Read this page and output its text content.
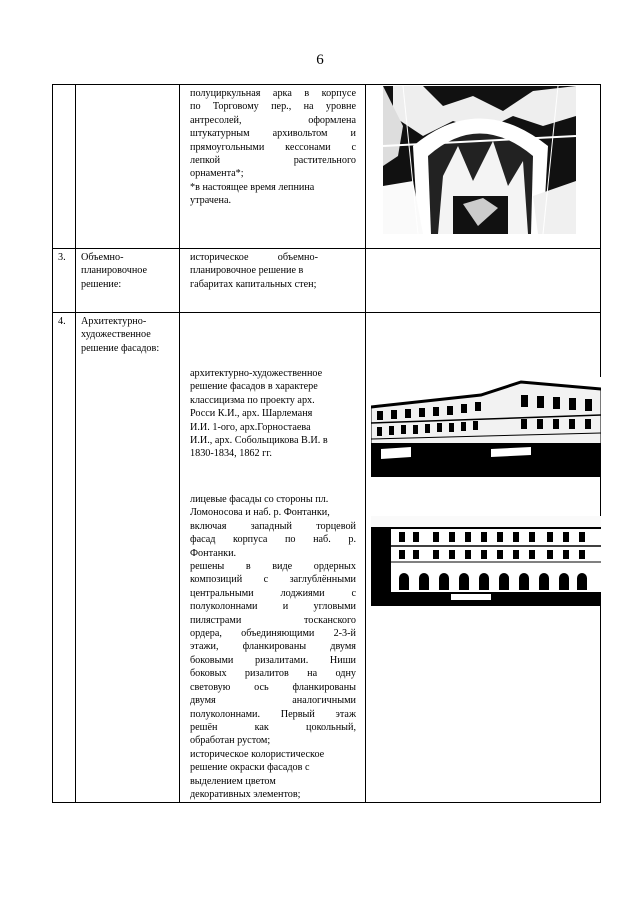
6
полуциркульная арка в корпусе
по Торговому пер., на уровне
антресолей, оформлена
штукатурным архивольтом и
прямоугольными кессонами с
лепкой растительного
орнамента*;
*в настоящее время лепнина
утрачена.
3. Объемно-
планировочное
решение:
историческое объемно-
планировочное решение в
габаритах капитальных стен;
4. Архитектурно-
художественное
решение фасадов:
архитектурно-художественное
решение фасадов в характере
классицизма по проекту арх.
Росси К.И., арх. Шарлеманя
И.И. 1-ого, арх.Горностаева
И.И., арх. Собольщикова В.И. в
1830-1834, 1862 гг.
лицевые фасады со стороны пл.
Ломоносова и наб. р. Фонтанки,
включая западный торцевой
фасад корпуса по наб. р.
Фонтанки.
решены в виде ордерных
композиций с заглублёнными
центральными лоджиями с
полуколоннами и угловыми
пилястрами тосканского
ордера, объединяющими 2-3-й
этажи, фланкированы двумя
боковыми ризалитами. Ниши
боковых ризалитов на одну
световую ось фланкированы
двумя аналогичными
полуколоннами. Первый этаж
решён как цокольный,
обработан рустом;
историческое колористическое
решение окраски фасадов с
выделением цветом
декоративных элементов;
